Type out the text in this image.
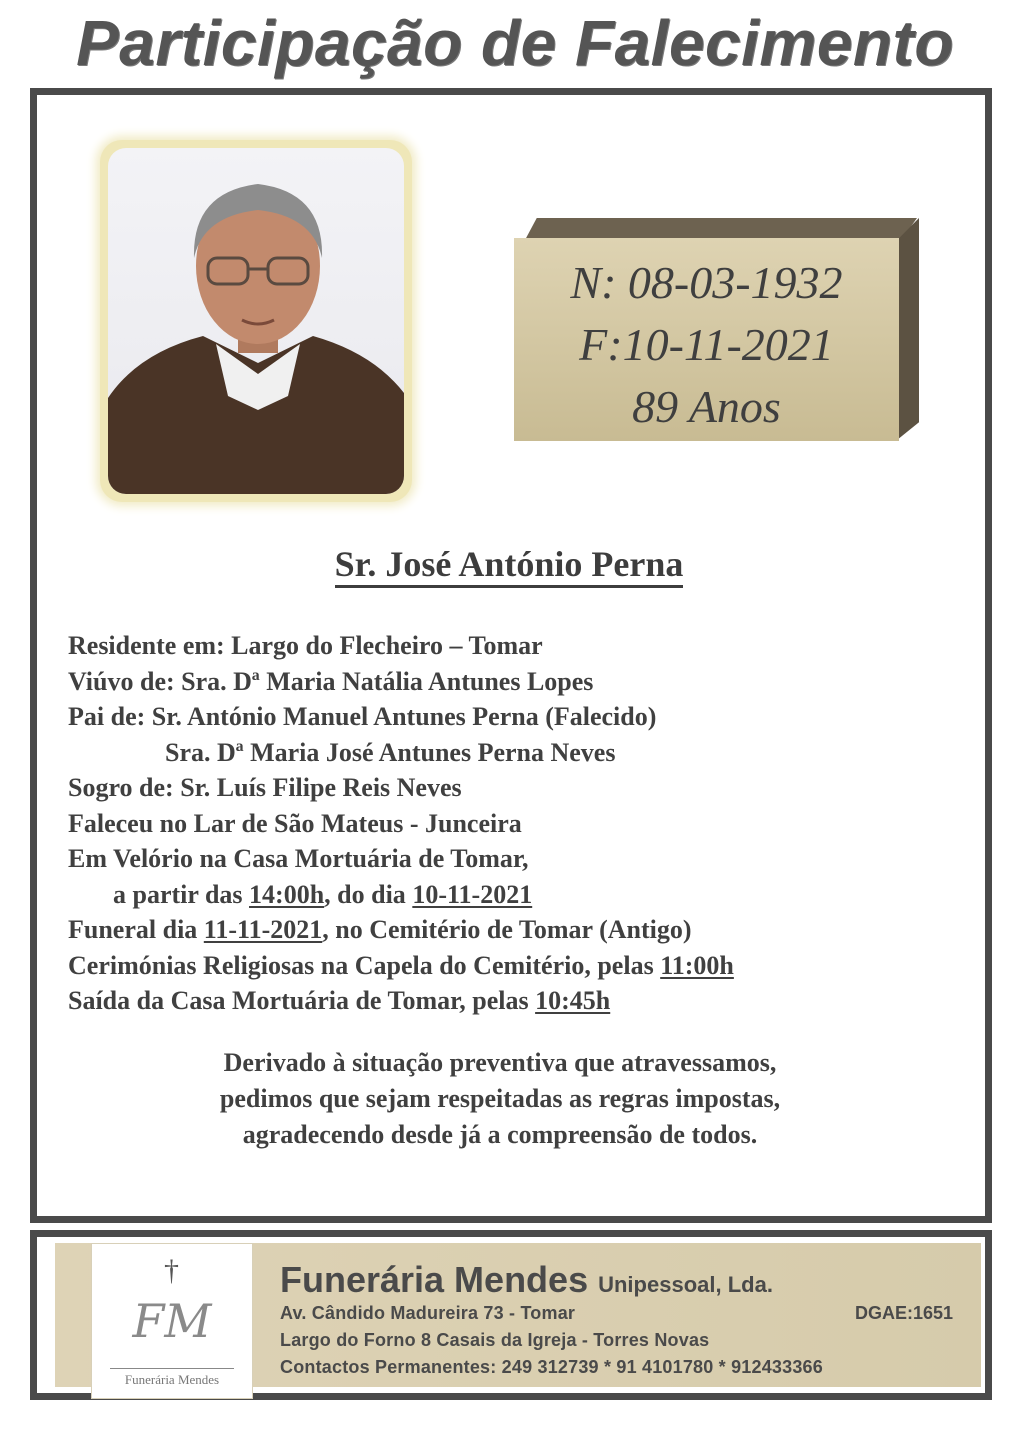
Participação de Falecimento
N: 08-03-1932
F:10-11-2021
89 Anos
Sr. José António Perna
Residente em: Largo do Flecheiro – Tomar
Viúvo de: Sra. Dª Maria Natália Antunes Lopes
Pai de: Sr. António Manuel Antunes Perna (Falecido)
Sra. Dª Maria José Antunes Perna Neves
Sogro de: Sr. Luís Filipe Reis Neves
Faleceu no Lar de São Mateus - Junceira
Em Velório na Casa Mortuária de Tomar,
a partir das 14:00h, do dia 10-11-2021
Funeral dia 11-11-2021, no Cemitério de Tomar (Antigo)
Cerimónias Religiosas na Capela do Cemitério, pelas 11:00h
Saída da Casa Mortuária de Tomar, pelas 10:45h
Derivado à situação preventiva que atravessamos,
pedimos que sejam respeitadas as regras impostas,
agradecendo desde já a compreensão de todos.
†
FM
Funerária Mendes
Funerária Mendes Unipessoal, Lda.
Av. Cândido Madureira 73 - Tomar	DGAE:1651
Largo do Forno 8 Casais da Igreja - Torres Novas
Contactos Permanentes: 249 312739 * 91 4101780 * 912433366
